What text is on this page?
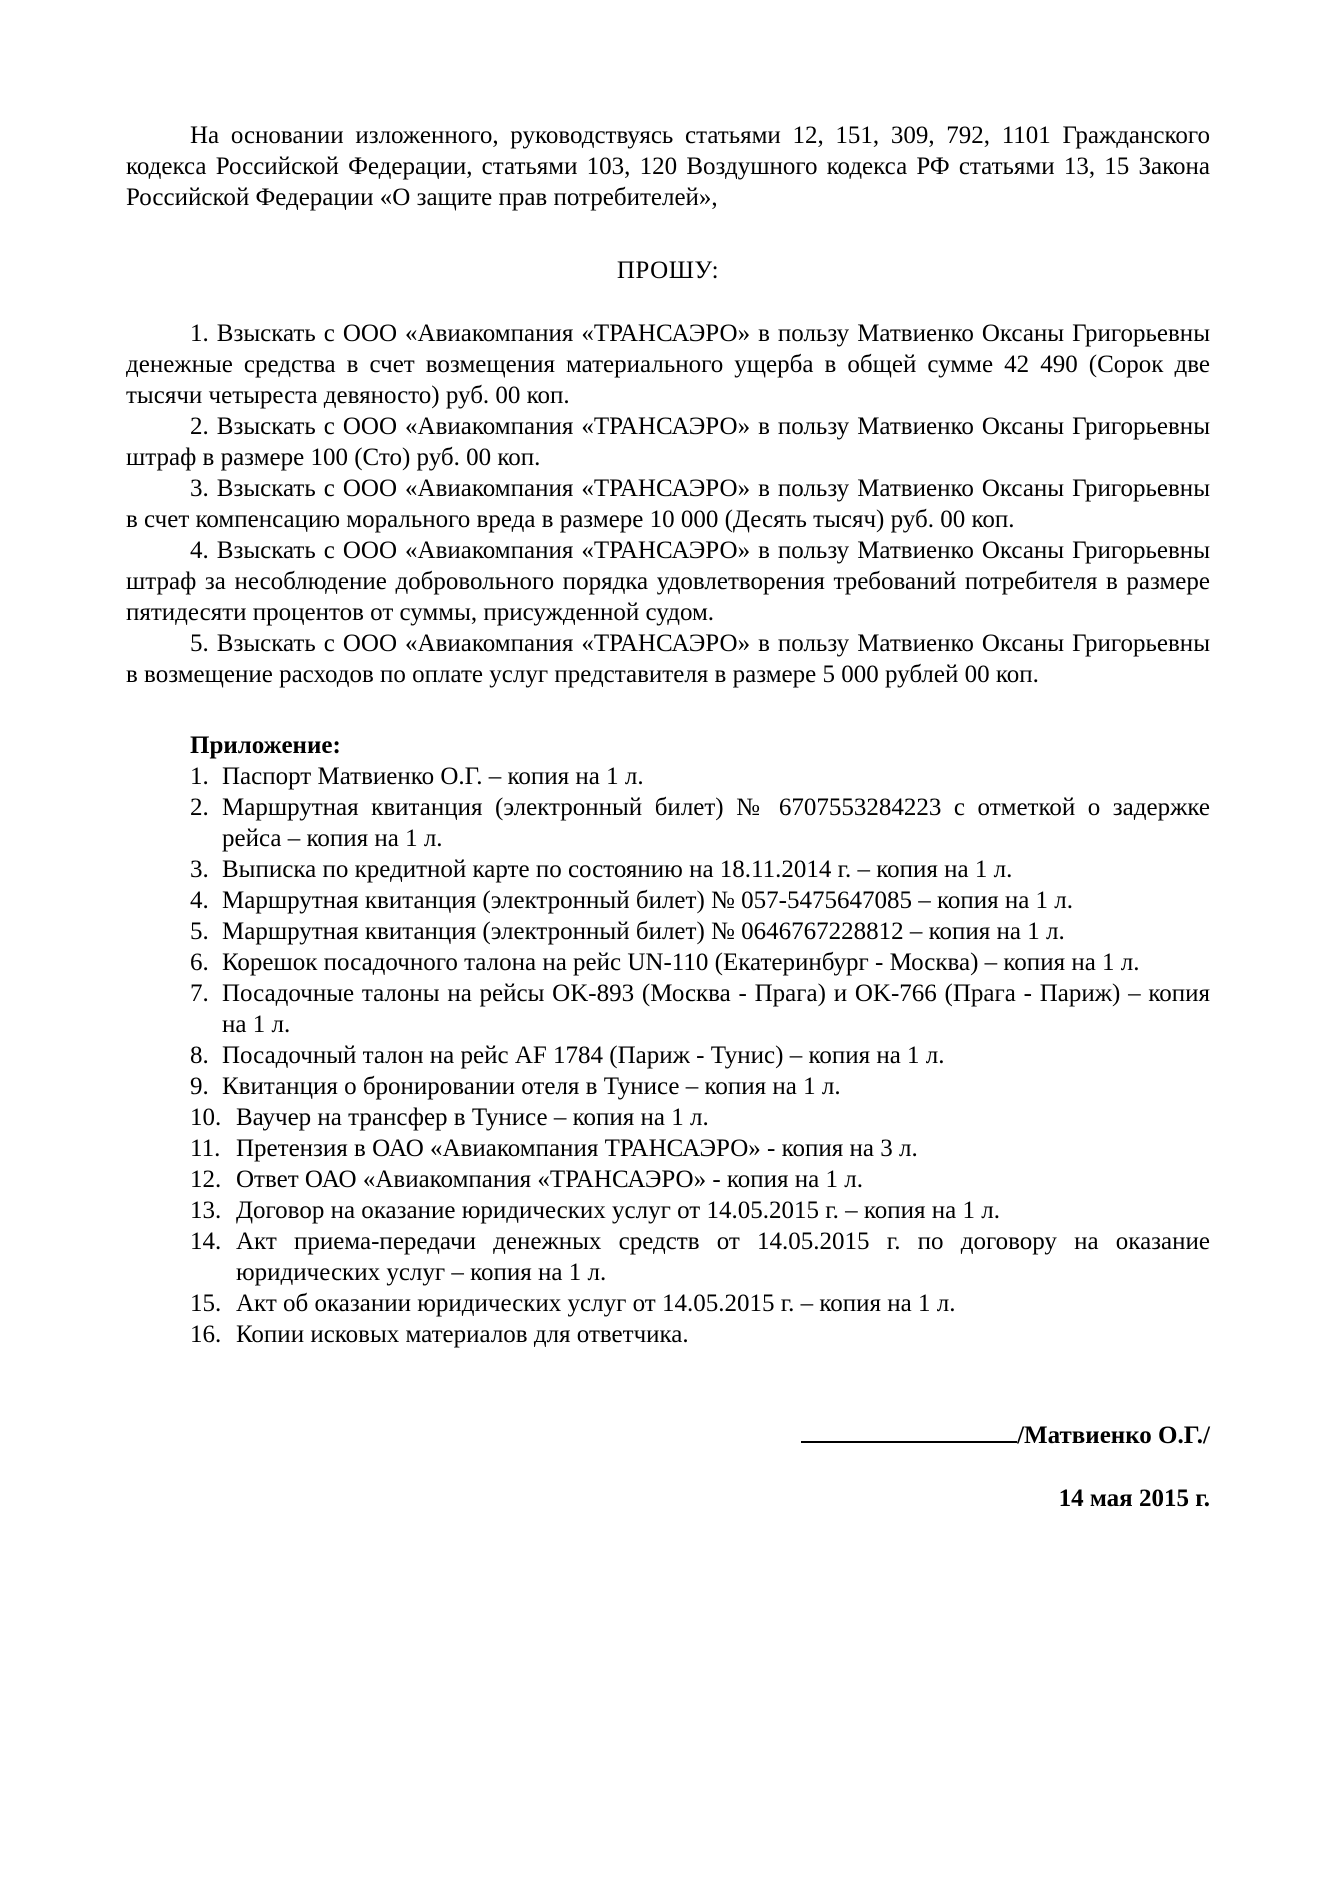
На основании изложенного, руководствуясь статьями 12, 151, 309, 792, 1101 Гражданского кодекса Российской Федерации, статьями 103, 120 Воздушного кодекса РФ статьями 13, 15 Закона Российской Федерации «О защите прав потребителей»,

ПРОШУ:

1. Взыскать с ООО «Авиакомпания «ТРАНСАЭРО» в пользу Матвиенко Оксаны Григорьевны денежные средства в счет возмещения материального ущерба в общей сумме 42 490 (Сорок две тысячи четыреста девяносто) руб. 00 коп.

2. Взыскать с ООО «Авиакомпания «ТРАНСАЭРО» в пользу Матвиенко Оксаны Григорьевны штраф в размере 100 (Сто) руб. 00 коп.

3. Взыскать с ООО «Авиакомпания «ТРАНСАЭРО» в пользу Матвиенко Оксаны Григорьевны в счет компенсацию морального вреда в размере 10 000 (Десять тысяч) руб. 00 коп.

4. Взыскать с ООО «Авиакомпания «ТРАНСАЭРО» в пользу Матвиенко Оксаны Григорьевны штраф за несоблюдение добровольного порядка удовлетворения требований потребителя в размере пятидесяти процентов от суммы, присужденной судом.

5. Взыскать с ООО «Авиакомпания «ТРАНСАЭРО» в пользу Матвиенко Оксаны Григорьевны в возмещение расходов по оплате услуг представителя в размере 5 000 рублей 00 коп.

Приложение:

1. Паспорт Матвиенко О.Г. – копия на 1 л.
2. Маршрутная квитанция (электронный билет) № 6707553284223 с отметкой о задержке рейса – копия на 1 л.
3. Выписка по кредитной карте по состоянию на 18.11.2014 г. – копия на 1 л.
4. Маршрутная квитанция (электронный билет) № 057-5475647085 – копия на 1 л.
5. Маршрутная квитанция (электронный билет) № 0646767228812 – копия на 1 л.
6. Корешок посадочного талона на рейс UN-110 (Екатеринбург - Москва) – копия на 1 л.
7. Посадочные талоны на рейсы OK-893 (Москва - Прага) и OK-766 (Прага - Париж) – копия на 1 л.
8. Посадочный талон на рейс AF 1784 (Париж - Тунис) – копия на 1 л.
9. Квитанция о бронировании отеля в Тунисе – копия на 1 л.
10. Ваучер на трансфер в Тунисе – копия на 1 л.
11. Претензия в ОАО «Авиакомпания ТРАНСАЭРО» - копия на 3 л.
12. Ответ ОАО «Авиакомпания «ТРАНСАЭРО» - копия на 1 л.
13. Договор на оказание юридических услуг от 14.05.2015 г. – копия на 1 л.
14. Акт приема-передачи денежных средств от 14.05.2015 г. по договору на оказание юридических услуг – копия на 1 л.
15. Акт об оказании юридических услуг от 14.05.2015 г. – копия на 1 л.
16. Копии исковых материалов для ответчика.
/Матвиенко О.Г./
14 мая 2015 г.
